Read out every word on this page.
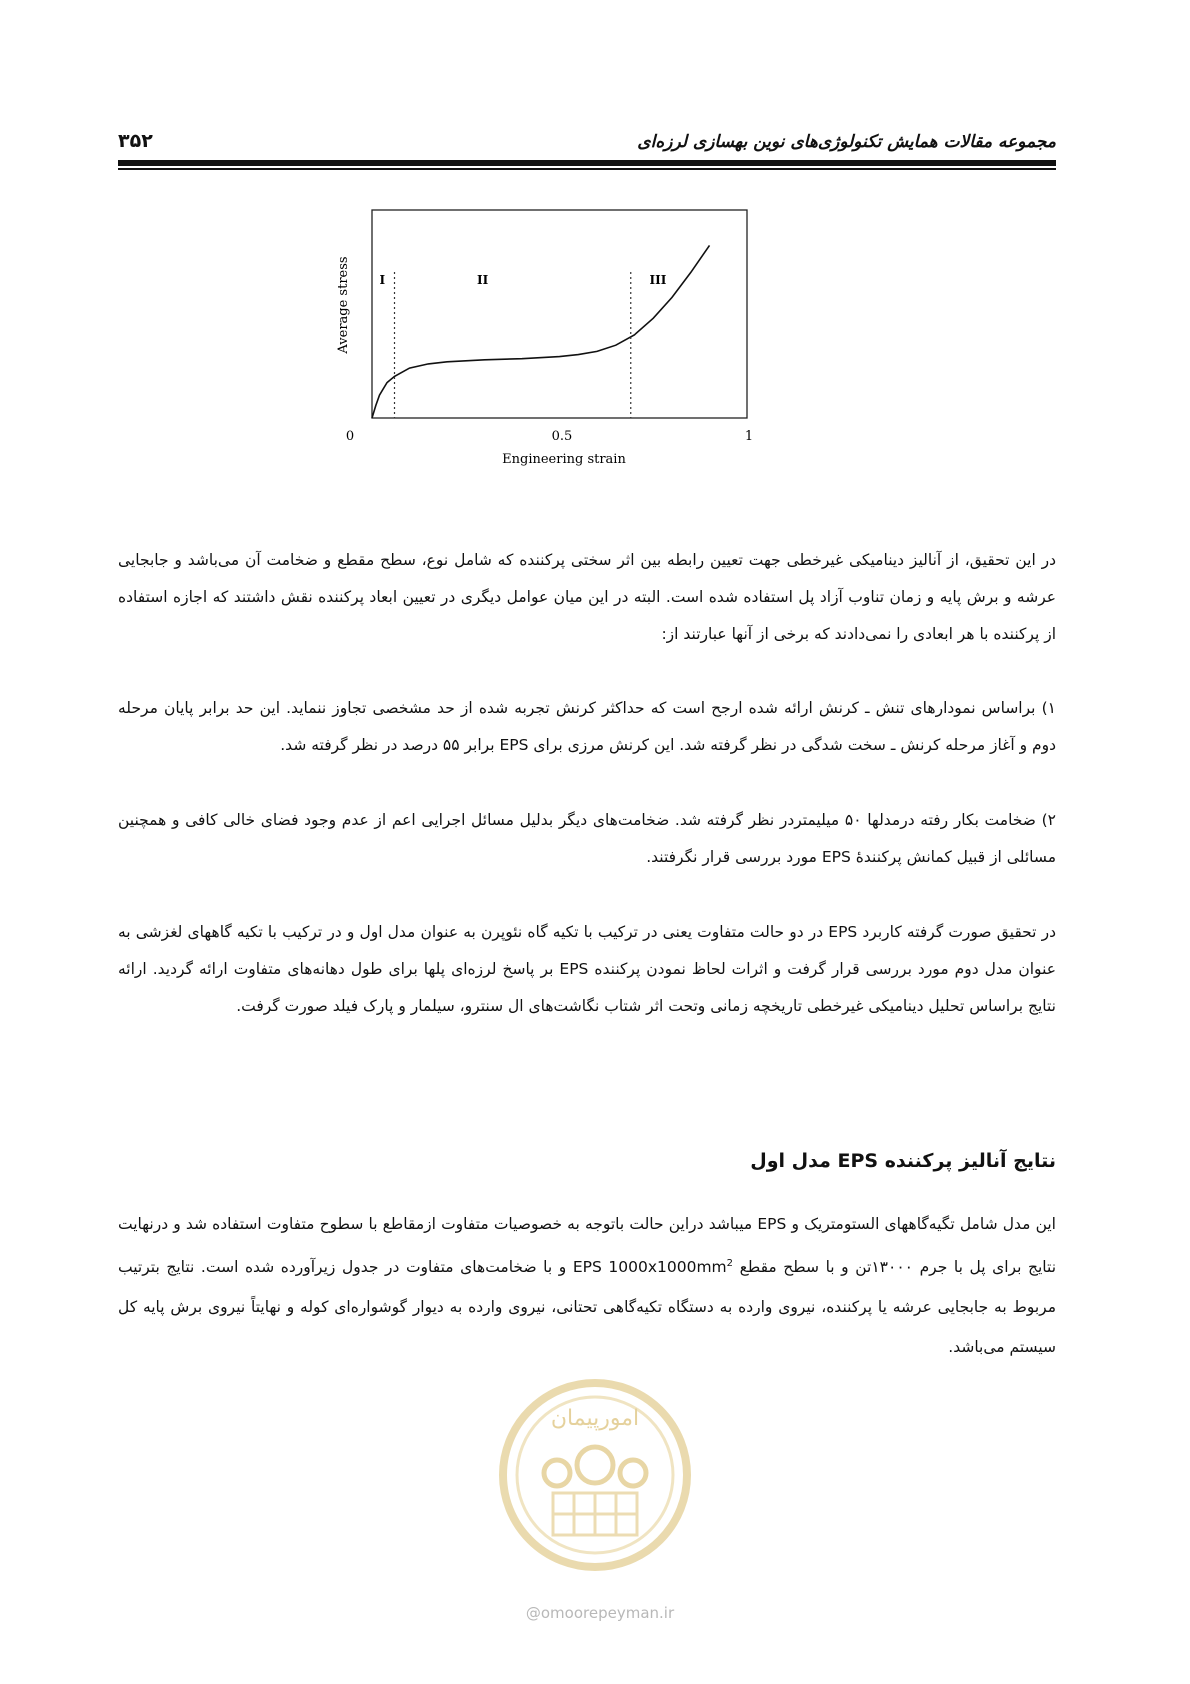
۳۵۲	مجموعه مقالات همایش تکنولوژی‌های نوین بهسازی لرزه‌ای
I	II	III
0	0.5	1
Engineering strain
Average stress

در این تحقیق، از آنالیز دینامیکی غیرخطی جهت تعیین رابطه بین اثر سختی پرکننده که شامل نوع، سطح مقطع و ضخامت آن می‌باشد و جابجایی عرشه و برش پایه و زمان تناوب آزاد پل استفاده شده است. البته در این میان عوامل دیگری در تعیین ابعاد پرکننده نقش داشتند که اجازه استفاده از پرکننده با هر ابعادی را نمی‌دادند که برخی از آنها عبارتند از:

۱) براساس نمودارهای تنش ـ کرنش ارائه شده ارجح است که حداکثر کرنش تجربه شده از حد مشخصی تجاوز ننماید. این حد برابر پایان مرحله دوم و آغاز مرحله کرنش ـ سخت شدگی در نظر گرفته شد. این کرنش مرزی برای EPS برابر ۵۵ درصد در نظر گرفته شد.

۲) ضخامت بکار رفته درمدلها ۵۰ میلیمتردر نظر گرفته شد. ضخامت‌های دیگر بدلیل مسائل اجرایی اعم از عدم وجود فضای خالی کافی و همچنین مسائلی از قبیل کمانش پرکنندۀ EPS مورد بررسی قرار نگرفتند.

در تحقیق صورت گرفته کاربرد EPS در دو حالت متفاوت یعنی در ترکیب با تکیه گاه نئوپرن به عنوان مدل اول و در ترکیب با تکیه گاههای لغزشی به عنوان مدل دوم مورد بررسی قرار گرفت و اثرات لحاظ نمودن پرکننده EPS بر پاسخ لرزه‌ای پلها برای طول دهانه‌های متفاوت ارائه گردید. ارائه نتایج براساس تحلیل دینامیکی غیرخطی تاریخچه زمانی وتحت اثر شتاب نگاشت‌های ال سنترو، سیلمار و پارک فیلد صورت گرفت.

نتایج آنالیز پرکننده EPS مدل اول

این مدل شامل تگیه‌گاههای الستومتریک و EPS میباشد دراین حالت باتوجه به خصوصیات متفاوت ازمقاطع با سطوح متفاوت استفاده شد و درنهایت نتایج برای پل با جرم ۱۳۰۰۰تن و با سطح مقطع EPS $1000x1000mm^2$ و با ضخامت‌های متفاوت در جدول زیرآورده شده است. نتایج بترتیب مربوط به جابجایی عرشه یا پرکننده، نیروی وارده به دستگاه تکیه‌گاهی تحتانی، نیروی وارده به دیوار گوشواره‌ای کوله و نهایتاً نیروی برش پایه کل سیستم می‌باشد.

امورپیمان
@omoorepeyman.ir
